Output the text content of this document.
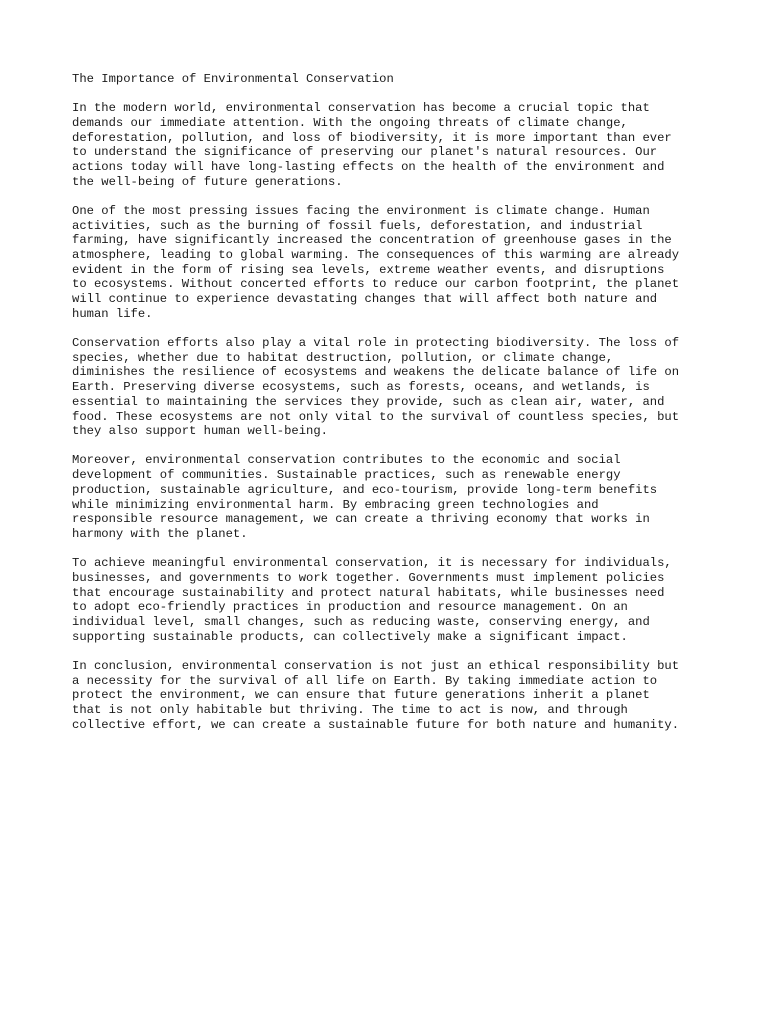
The Importance of Environmental Conservation
In the modern world, environmental conservation has become a crucial topic that
demands our immediate attention. With the ongoing threats of climate change,
deforestation, pollution, and loss of biodiversity, it is more important than ever
to understand the significance of preserving our planet's natural resources. Our
actions today will have long-lasting effects on the health of the environment and
the well-being of future generations.
One of the most pressing issues facing the environment is climate change. Human
activities, such as the burning of fossil fuels, deforestation, and industrial
farming, have significantly increased the concentration of greenhouse gases in the
atmosphere, leading to global warming. The consequences of this warming are already
evident in the form of rising sea levels, extreme weather events, and disruptions
to ecosystems. Without concerted efforts to reduce our carbon footprint, the planet
will continue to experience devastating changes that will affect both nature and
human life.
Conservation efforts also play a vital role in protecting biodiversity. The loss of
species, whether due to habitat destruction, pollution, or climate change,
diminishes the resilience of ecosystems and weakens the delicate balance of life on
Earth. Preserving diverse ecosystems, such as forests, oceans, and wetlands, is
essential to maintaining the services they provide, such as clean air, water, and
food. These ecosystems are not only vital to the survival of countless species, but
they also support human well-being.
Moreover, environmental conservation contributes to the economic and social
development of communities. Sustainable practices, such as renewable energy
production, sustainable agriculture, and eco-tourism, provide long-term benefits
while minimizing environmental harm. By embracing green technologies and
responsible resource management, we can create a thriving economy that works in
harmony with the planet.
To achieve meaningful environmental conservation, it is necessary for individuals,
businesses, and governments to work together. Governments must implement policies
that encourage sustainability and protect natural habitats, while businesses need
to adopt eco-friendly practices in production and resource management. On an
individual level, small changes, such as reducing waste, conserving energy, and
supporting sustainable products, can collectively make a significant impact.
In conclusion, environmental conservation is not just an ethical responsibility but
a necessity for the survival of all life on Earth. By taking immediate action to
protect the environment, we can ensure that future generations inherit a planet
that is not only habitable but thriving. The time to act is now, and through
collective effort, we can create a sustainable future for both nature and humanity.
